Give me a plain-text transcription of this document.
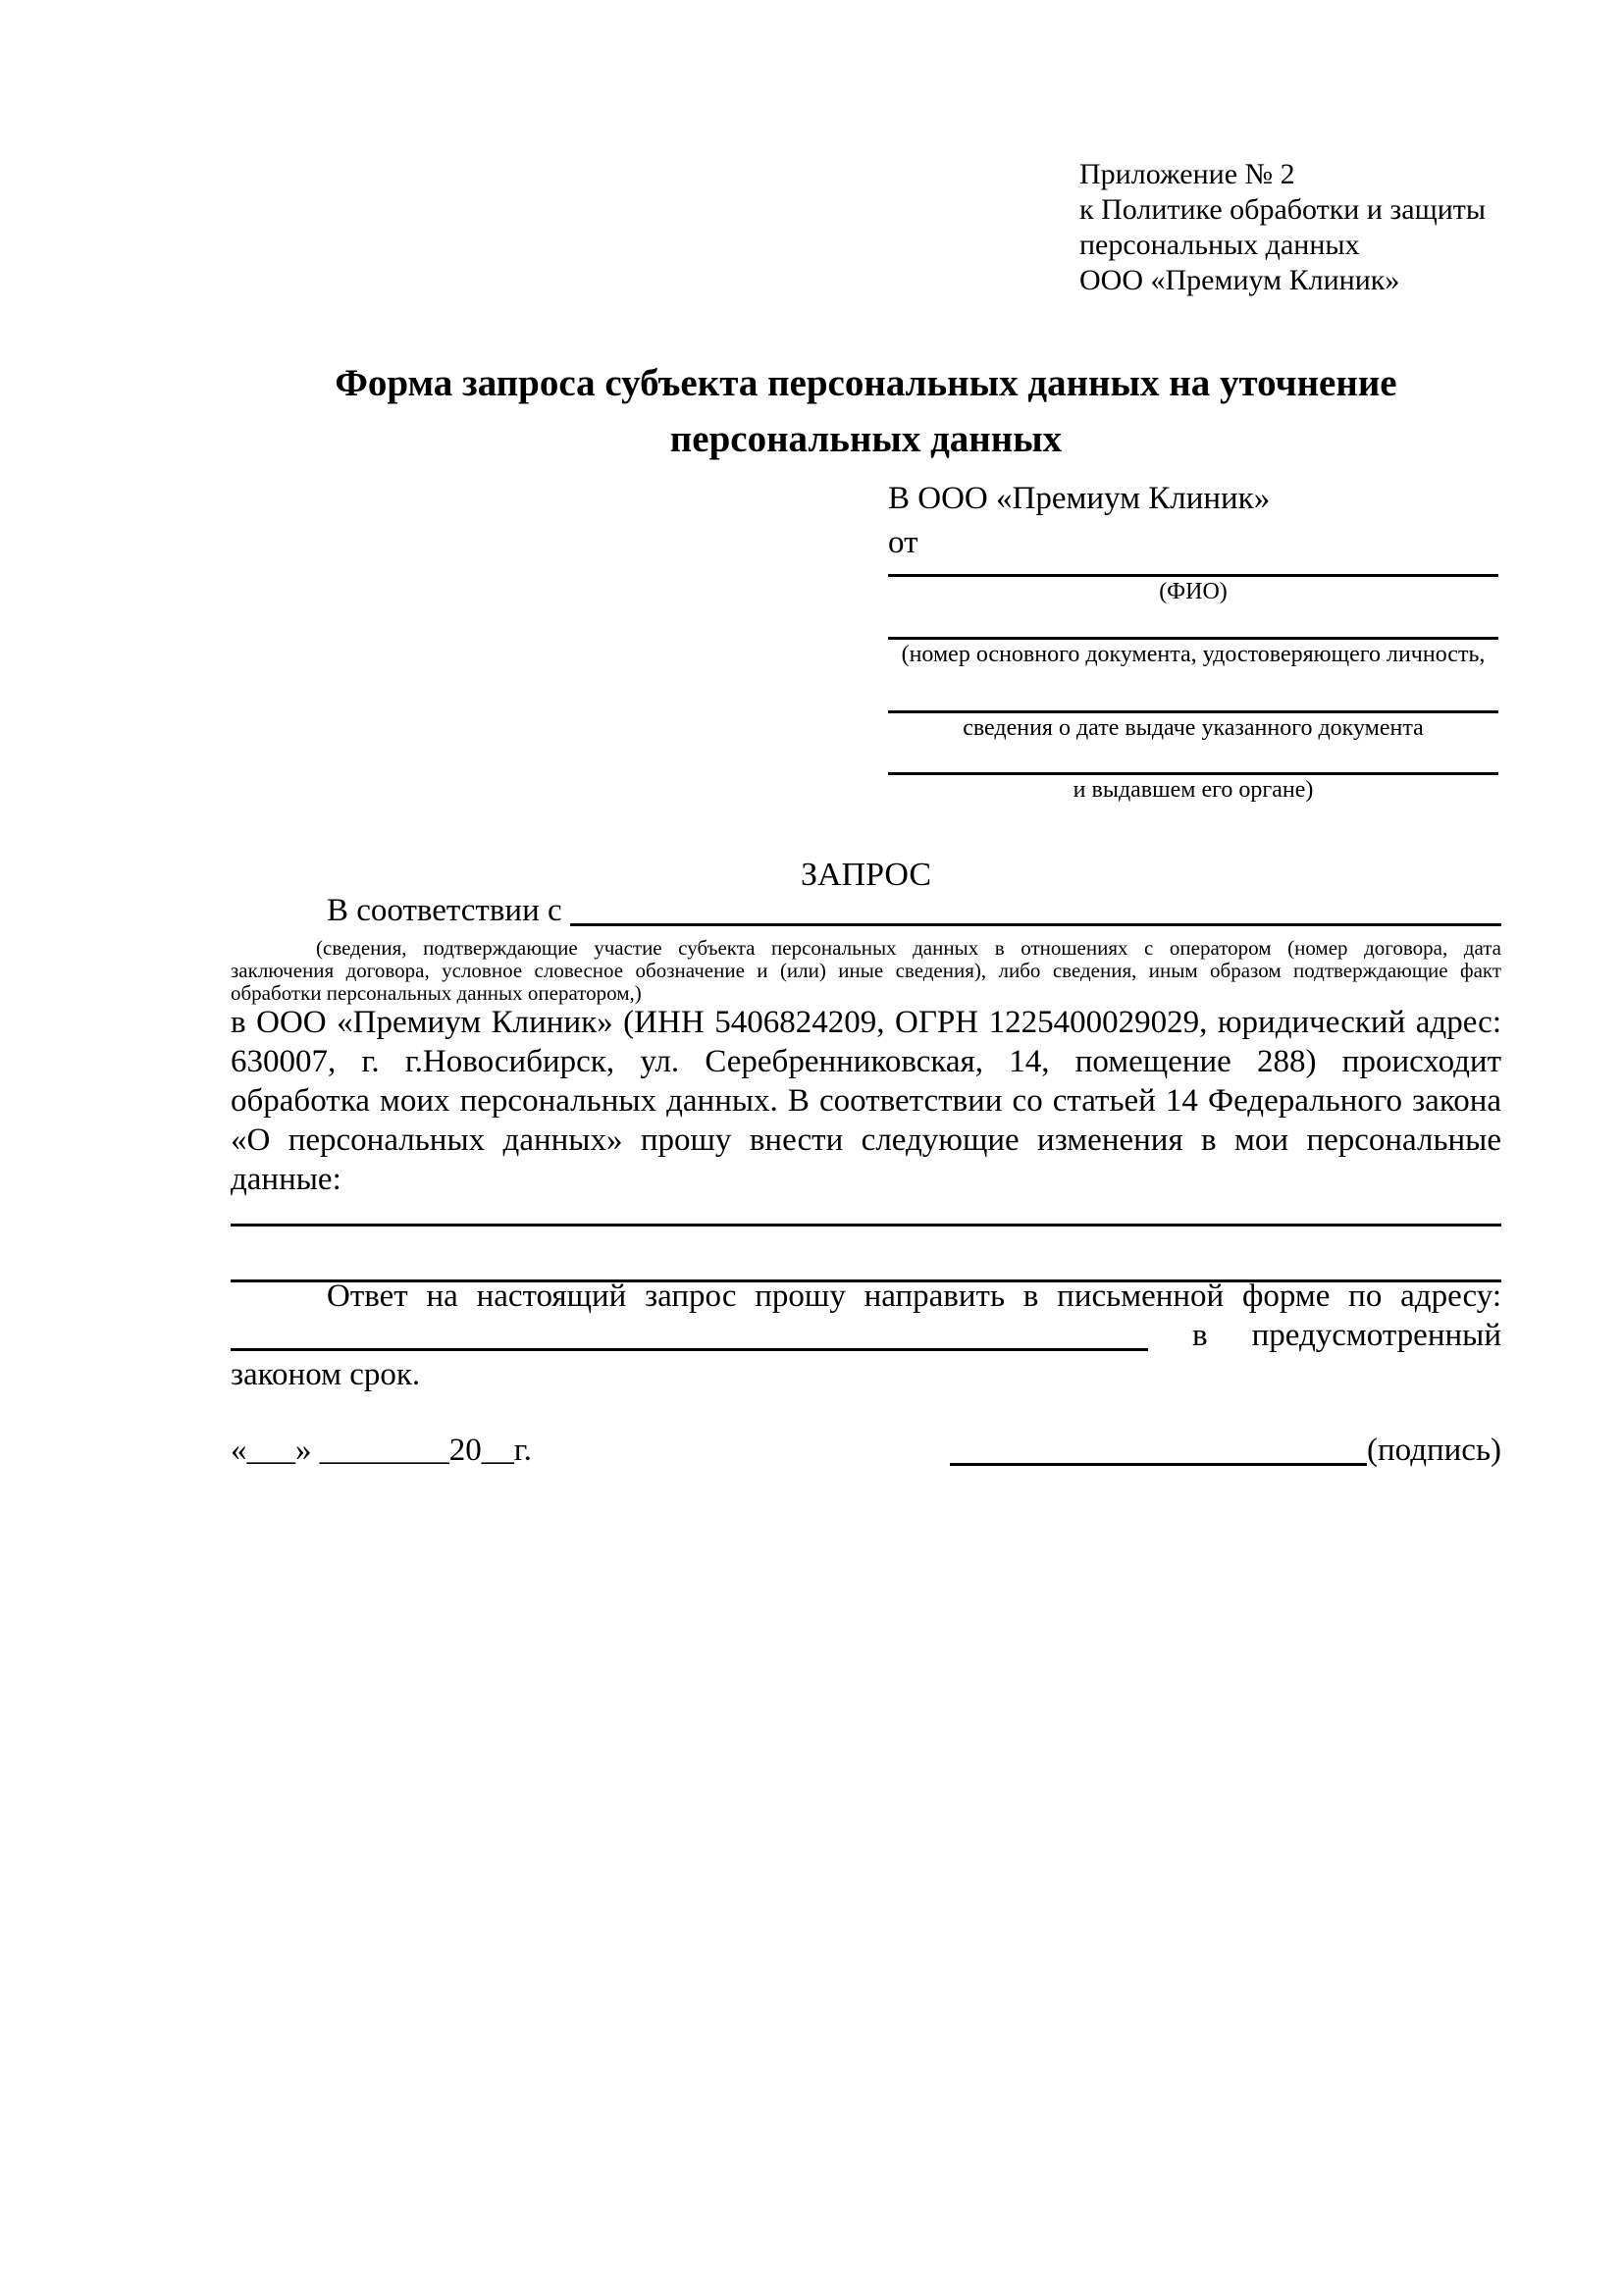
Приложение № 2
к Политике обработки и защиты
персональных данных
ООО «Премиум Клиник»
Форма запроса субъекта персональных данных на уточнение
персональных данных
В ООО «Премиум Клиник»
от
(ФИО)
(номер основного документа, удостоверяющего личность,
сведения о дате выдаче указанного документа
и выдавшем его органе)
ЗАПРОС
В соответствии с
(сведения, подтверждающие участие субъекта персональных данных в отношениях с оператором (номер договора, дата
заключения договора, условное словесное обозначение и (или) иные сведения), либо сведения, иным образом подтверждающие факт
обработки персональных данных оператором,)
в ООО «Премиум Клиник» (ИНН 5406824209, ОГРН 1225400029029, юридический адрес:
630007, г. г.Новосибирск, ул. Серебренниковская, 14, помещение 288) происходит
обработка моих персональных данных. В соответствии со статьей 14 Федерального закона
«О персональных данных» прошу внести следующие изменения в мои персональные
данные:
Ответ на настоящий запрос прошу направить в письменной форме по адресу:
в предусмотренный
законом срок.
«___» ________20__г.	(подпись)
